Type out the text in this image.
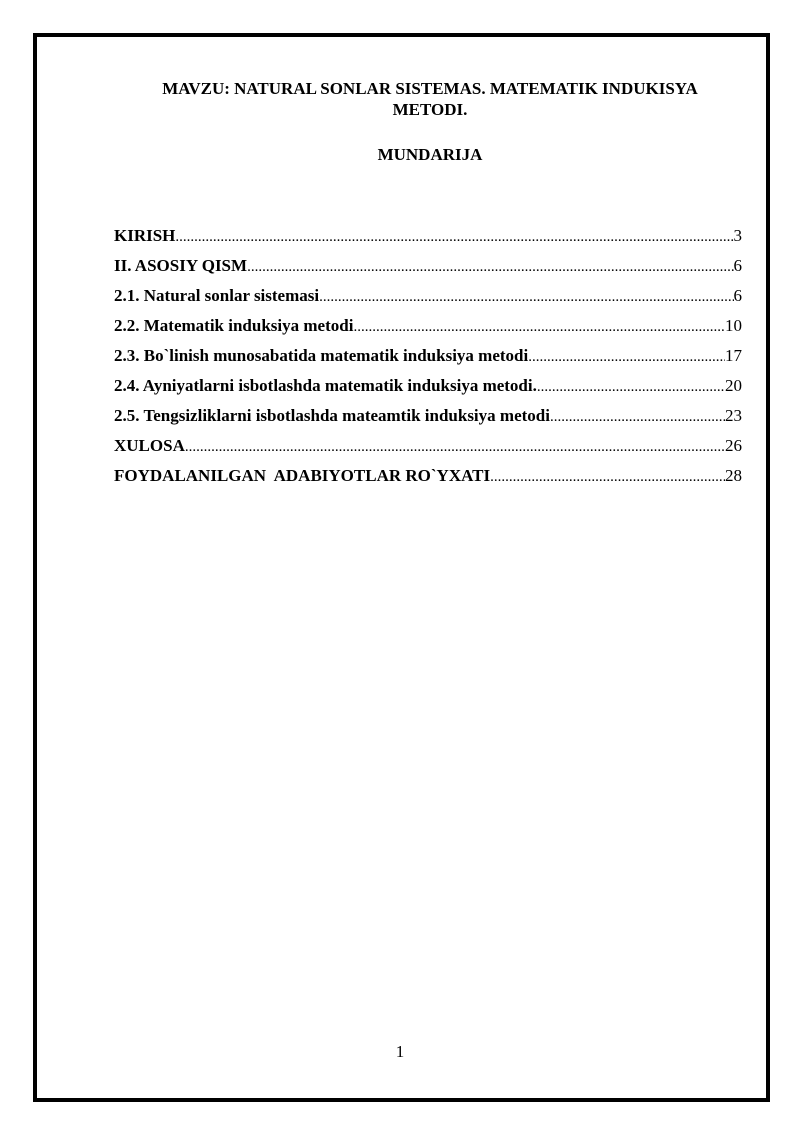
MAVZU: NATURAL SONLAR SISTEMAS. MATEMATIK INDUKISYA
METODI.
MUNDARIJA
KIRISH .....	3
II. ASOSIY QISM .....	6
2.1. Natural sonlar sistemasi .....	6
2.2. Matematik induksiya metodi .....	10
2.3. Bo`linish munosabatida matematik induksiya metodi .....	17
2.4. Ayniyatlarni isbotlashda matematik induksiya metodi. .....	20
2.5. Tengsizliklarni isbotlashda mateamtik induksiya metodi .....	23
XULOSA .....	26
FOYDALANILGAN  ADABIYOTLAR RO`YXATI .....	28
1
